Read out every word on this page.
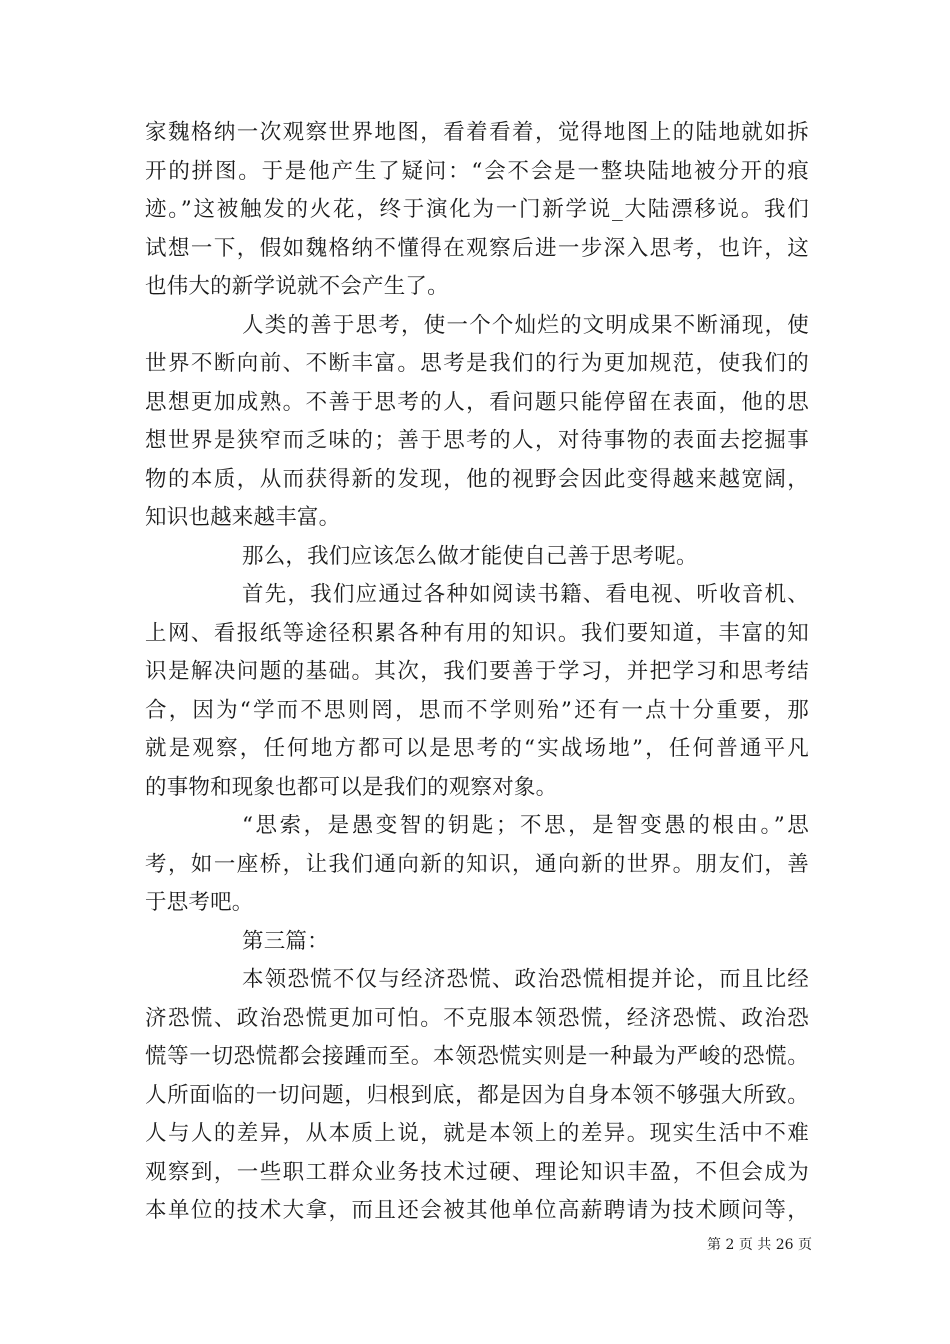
家魏格纳一次观察世界地图，看着看着，觉得地图上的陆地就如拆
开的拼图。于是他产生了疑问：“会不会是一整块陆地被分开的痕
迹。”这被触发的火花，终于演化为一门新学说_大陆漂移说。我们
试想一下，假如魏格纳不懂得在观察后进一步深入思考，也许，这
也伟大的新学说就不会产生了。
人类的善于思考，使一个个灿烂的文明成果不断涌现，使
世界不断向前、不断丰富。思考是我们的行为更加规范，使我们的
思想更加成熟。不善于思考的人，看问题只能停留在表面，他的思
想世界是狭窄而乏味的；善于思考的人，对待事物的表面去挖掘事
物的本质，从而获得新的发现，他的视野会因此变得越来越宽阔，
知识也越来越丰富。
那么，我们应该怎么做才能使自己善于思考呢。
首先，我们应通过各种如阅读书籍、看电视、听收音机、
上网、看报纸等途径积累各种有用的知识。我们要知道，丰富的知
识是解决问题的基础。其次，我们要善于学习，并把学习和思考结
合，因为“学而不思则罔，思而不学则殆”还有一点十分重要，那
就是观察，任何地方都可以是思考的“实战场地”，任何普通平凡
的事物和现象也都可以是我们的观察对象。
“思索，是愚变智的钥匙；不思，是智变愚的根由。”思
考，如一座桥，让我们通向新的知识，通向新的世界。朋友们，善
于思考吧。
第三篇：
本领恐慌不仅与经济恐慌、政治恐慌相提并论，而且比经
济恐慌、政治恐慌更加可怕。不克服本领恐慌，经济恐慌、政治恐
慌等一切恐慌都会接踵而至。本领恐慌实则是一种最为严峻的恐慌。
人所面临的一切问题，归根到底，都是因为自身本领不够强大所致。
人与人的差异，从本质上说，就是本领上的差异。现实生活中不难
观察到，一些职工群众业务技术过硬、理论知识丰盈，不但会成为
本单位的技术大拿，而且还会被其他单位高薪聘请为技术顾问等，
第 2 页 共 26 页
